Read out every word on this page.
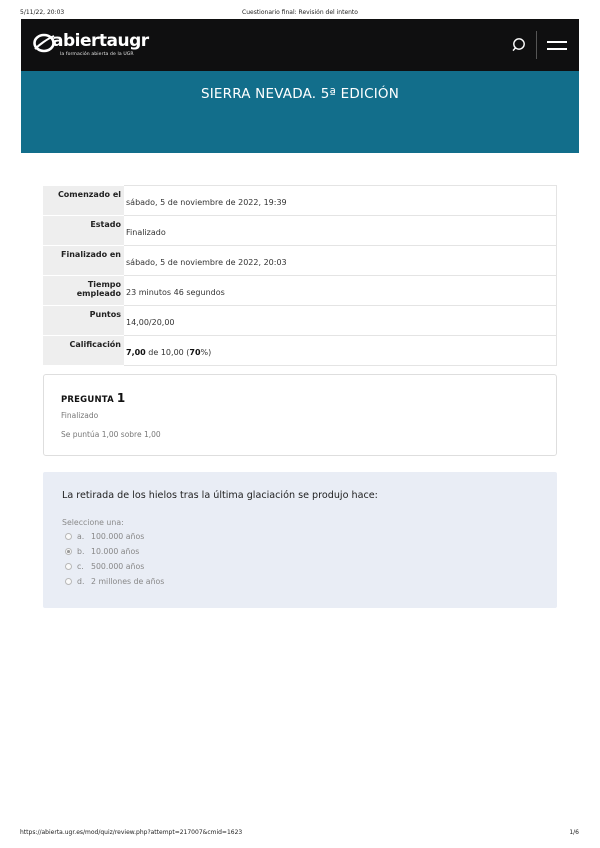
5/11/22, 20:03	Cuestionario final: Revisión del intento
abiertaugr
la formación abierta de la UGR
SIERRA NEVADA. 5ª EDICIÓN
Comenzado el	sábado, 5 de noviembre de 2022, 19:39
Estado	Finalizado
Finalizado en	sábado, 5 de noviembre de 2022, 20:03
Tiempo empleado	23 minutos 46 segundos
Puntos	14,00/20,00
Calificación	7,00 de 10,00 (70%)
PREGUNTA 1
Finalizado
Se puntúa 1,00 sobre 1,00
La retirada de los hielos tras la última glaciación se produjo hace:
Seleccione una:
a. 100.000 años
b. 10.000 años
c. 500.000 años
d. 2 millones de años
https://abierta.ugr.es/mod/quiz/review.php?attempt=217007&cmid=1623	1/6
